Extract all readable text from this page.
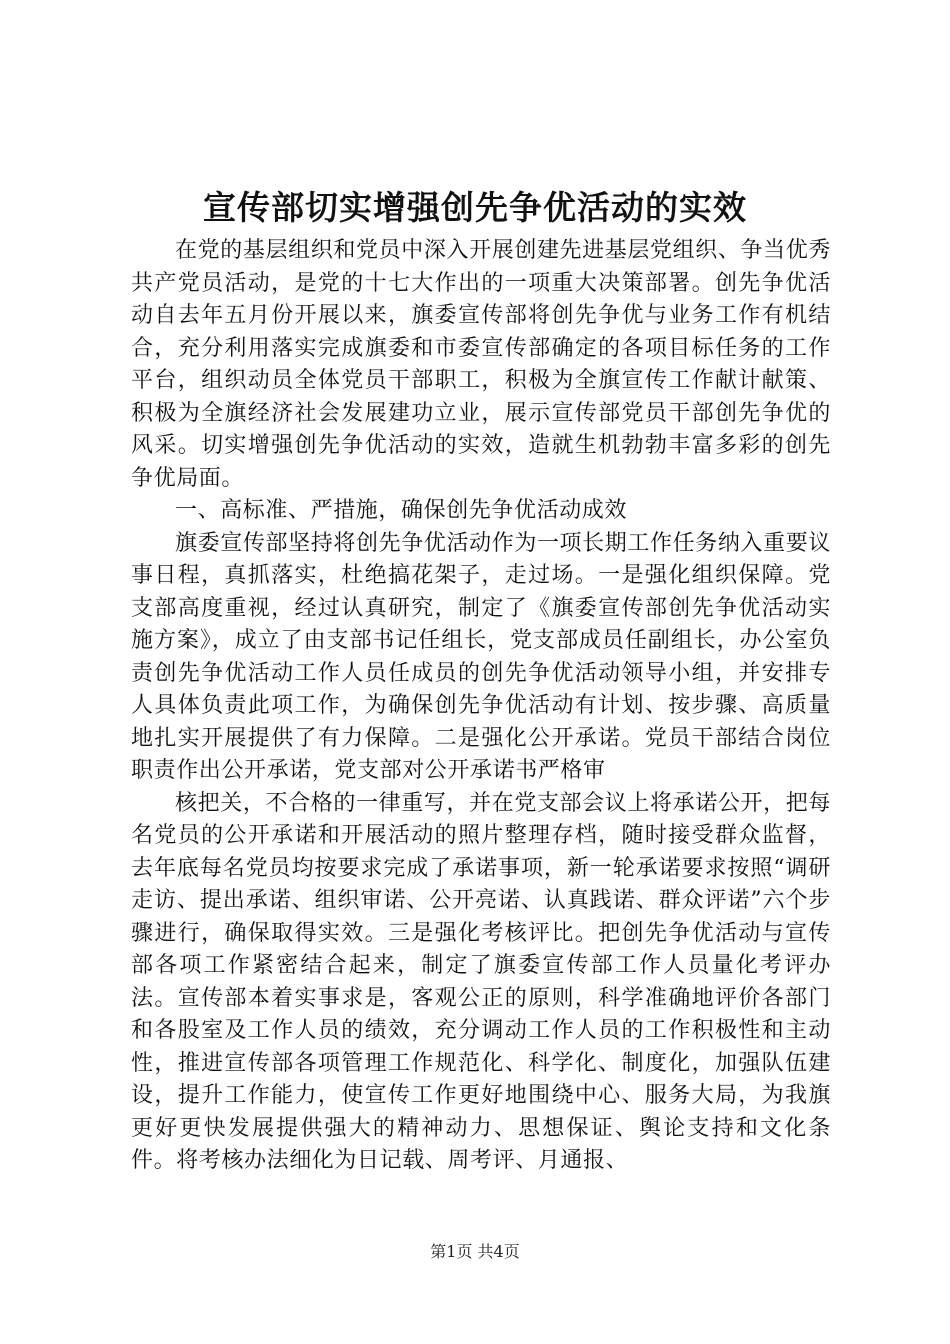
宣传部切实增强创先争优活动的实效

在党的基层组织和党员中深入开展创建先进基层党组织、争当优秀共产党员活动，是党的十七大作出的一项重大决策部署。创先争优活动自去年五月份开展以来，旗委宣传部将创先争优与业务工作有机结合，充分利用落实完成旗委和市委宣传部确定的各项目标任务的工作平台，组织动员全体党员干部职工，积极为全旗宣传工作献计献策、积极为全旗经济社会发展建功立业，展示宣传部党员干部创先争优的风采。切实增强创先争优活动的实效，造就生机勃勃丰富多彩的创先争优局面。

一、高标准、严措施，确保创先争优活动成效

旗委宣传部坚持将创先争优活动作为一项长期工作任务纳入重要议事日程，真抓落实，杜绝搞花架子，走过场。一是强化组织保障。党支部高度重视，经过认真研究，制定了《旗委宣传部创先争优活动实施方案》，成立了由支部书记任组长，党支部成员任副组长，办公室负责创先争优活动工作人员任成员的创先争优活动领导小组，并安排专人具体负责此项工作，为确保创先争优活动有计划、按步骤、高质量地扎实开展提供了有力保障。二是强化公开承诺。党员干部结合岗位职责作出公开承诺，党支部对公开承诺书严格审

核把关，不合格的一律重写，并在党支部会议上将承诺公开，把每名党员的公开承诺和开展活动的照片整理存档，随时接受群众监督，去年底每名党员均按要求完成了承诺事项，新一轮承诺要求按照“调研走访、提出承诺、组织审诺、公开亮诺、认真践诺、群众评诺”六个步骤进行，确保取得实效。三是强化考核评比。把创先争优活动与宣传部各项工作紧密结合起来，制定了旗委宣传部工作人员量化考评办法。宣传部本着实事求是，客观公正的原则，科学准确地评价各部门和各股室及工作人员的绩效，充分调动工作人员的工作积极性和主动性，推进宣传部各项管理工作规范化、科学化、制度化，加强队伍建设，提升工作能力，使宣传工作更好地围绕中心、服务大局，为我旗更好更快发展提供强大的精神动力、思想保证、舆论支持和文化条件。将考核办法细化为日记载、周考评、月通报、

第1页 共4页
